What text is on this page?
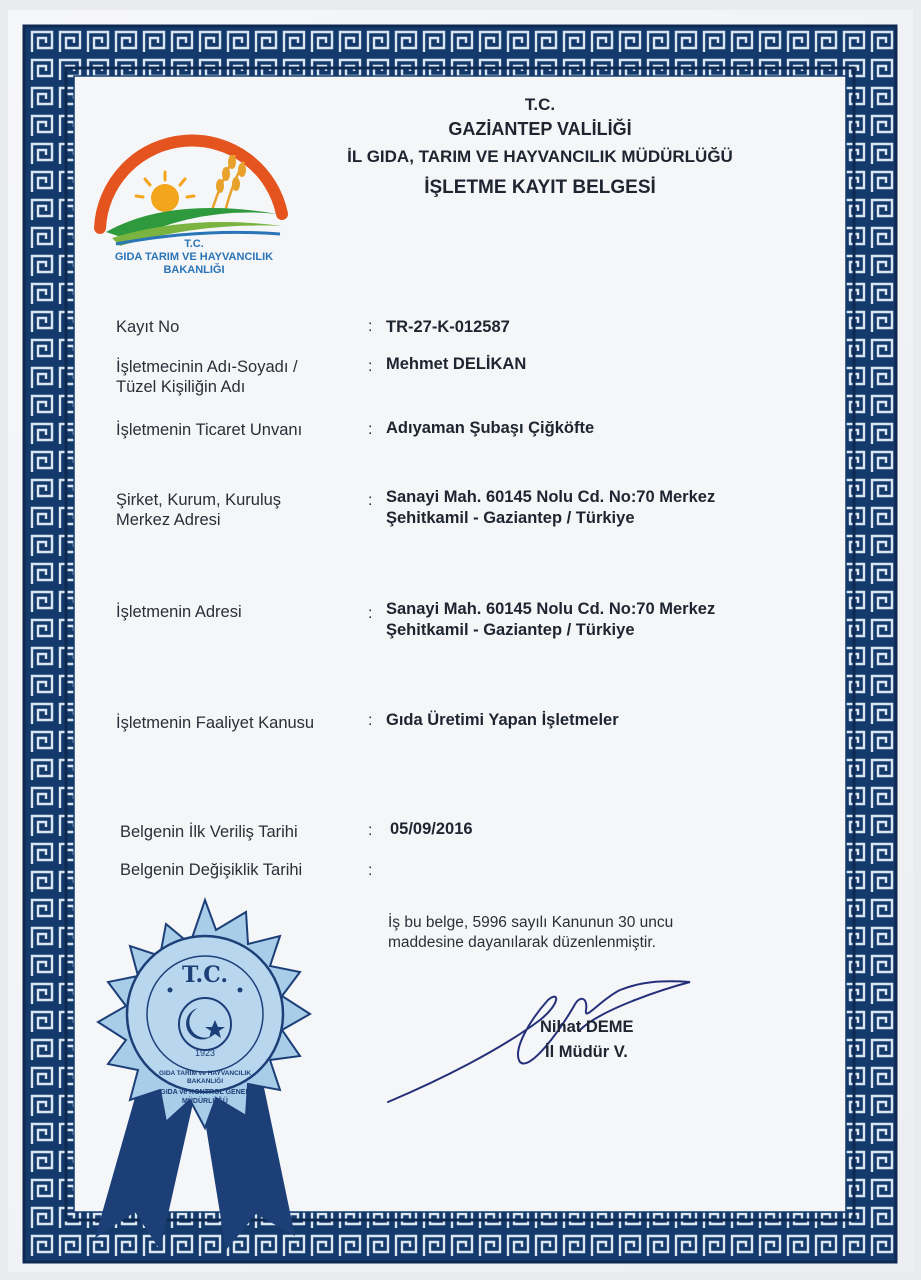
T.C.
GIDA TARIM VE HAYVANCILIK
BAKANLIĞI
T.C.
GAZİANTEP VALİLİĞİ
İL GIDA, TARIM VE HAYVANCILIK MÜDÜRLÜĞÜ
İŞLETME KAYIT BELGESİ
Kayıt No	: TR-27-K-012587
İşletmecinin Adı-Soyadı /
Tüzel Kişiliğin Adı
: Mehmet DELİKAN
İşletmenin Ticaret Unvanı	: Adıyaman Şubaşı Çiğköfte
Şirket, Kurum, Kuruluş
Merkez Adresi
: Sanayi Mah. 60145 Nolu Cd. No:70 Merkez
Şehitkamil - Gaziantep / Türkiye
İşletmenin Adresi	: Sanayi Mah. 60145 Nolu Cd. No:70 Merkez
Şehitkamil - Gaziantep / Türkiye
İşletmenin Faaliyet Kanusu	: Gıda Üretimi Yapan İşletmeler
Belgenin İlk Veriliş Tarihi	: 05/09/2016
Belgenin Değişiklik Tarihi	:
İş bu belge, 5996 sayılı Kanunun 30 uncu
maddesine dayanılarak düzenlenmiştir.
Nihat DEME
İl Müdür V.
T.C.
1923
GIDA TARIM ve HAYVANCILIK BAKANLIĞI
GIDA ve KONTROL GENEL MÜDÜRLÜĞÜ
